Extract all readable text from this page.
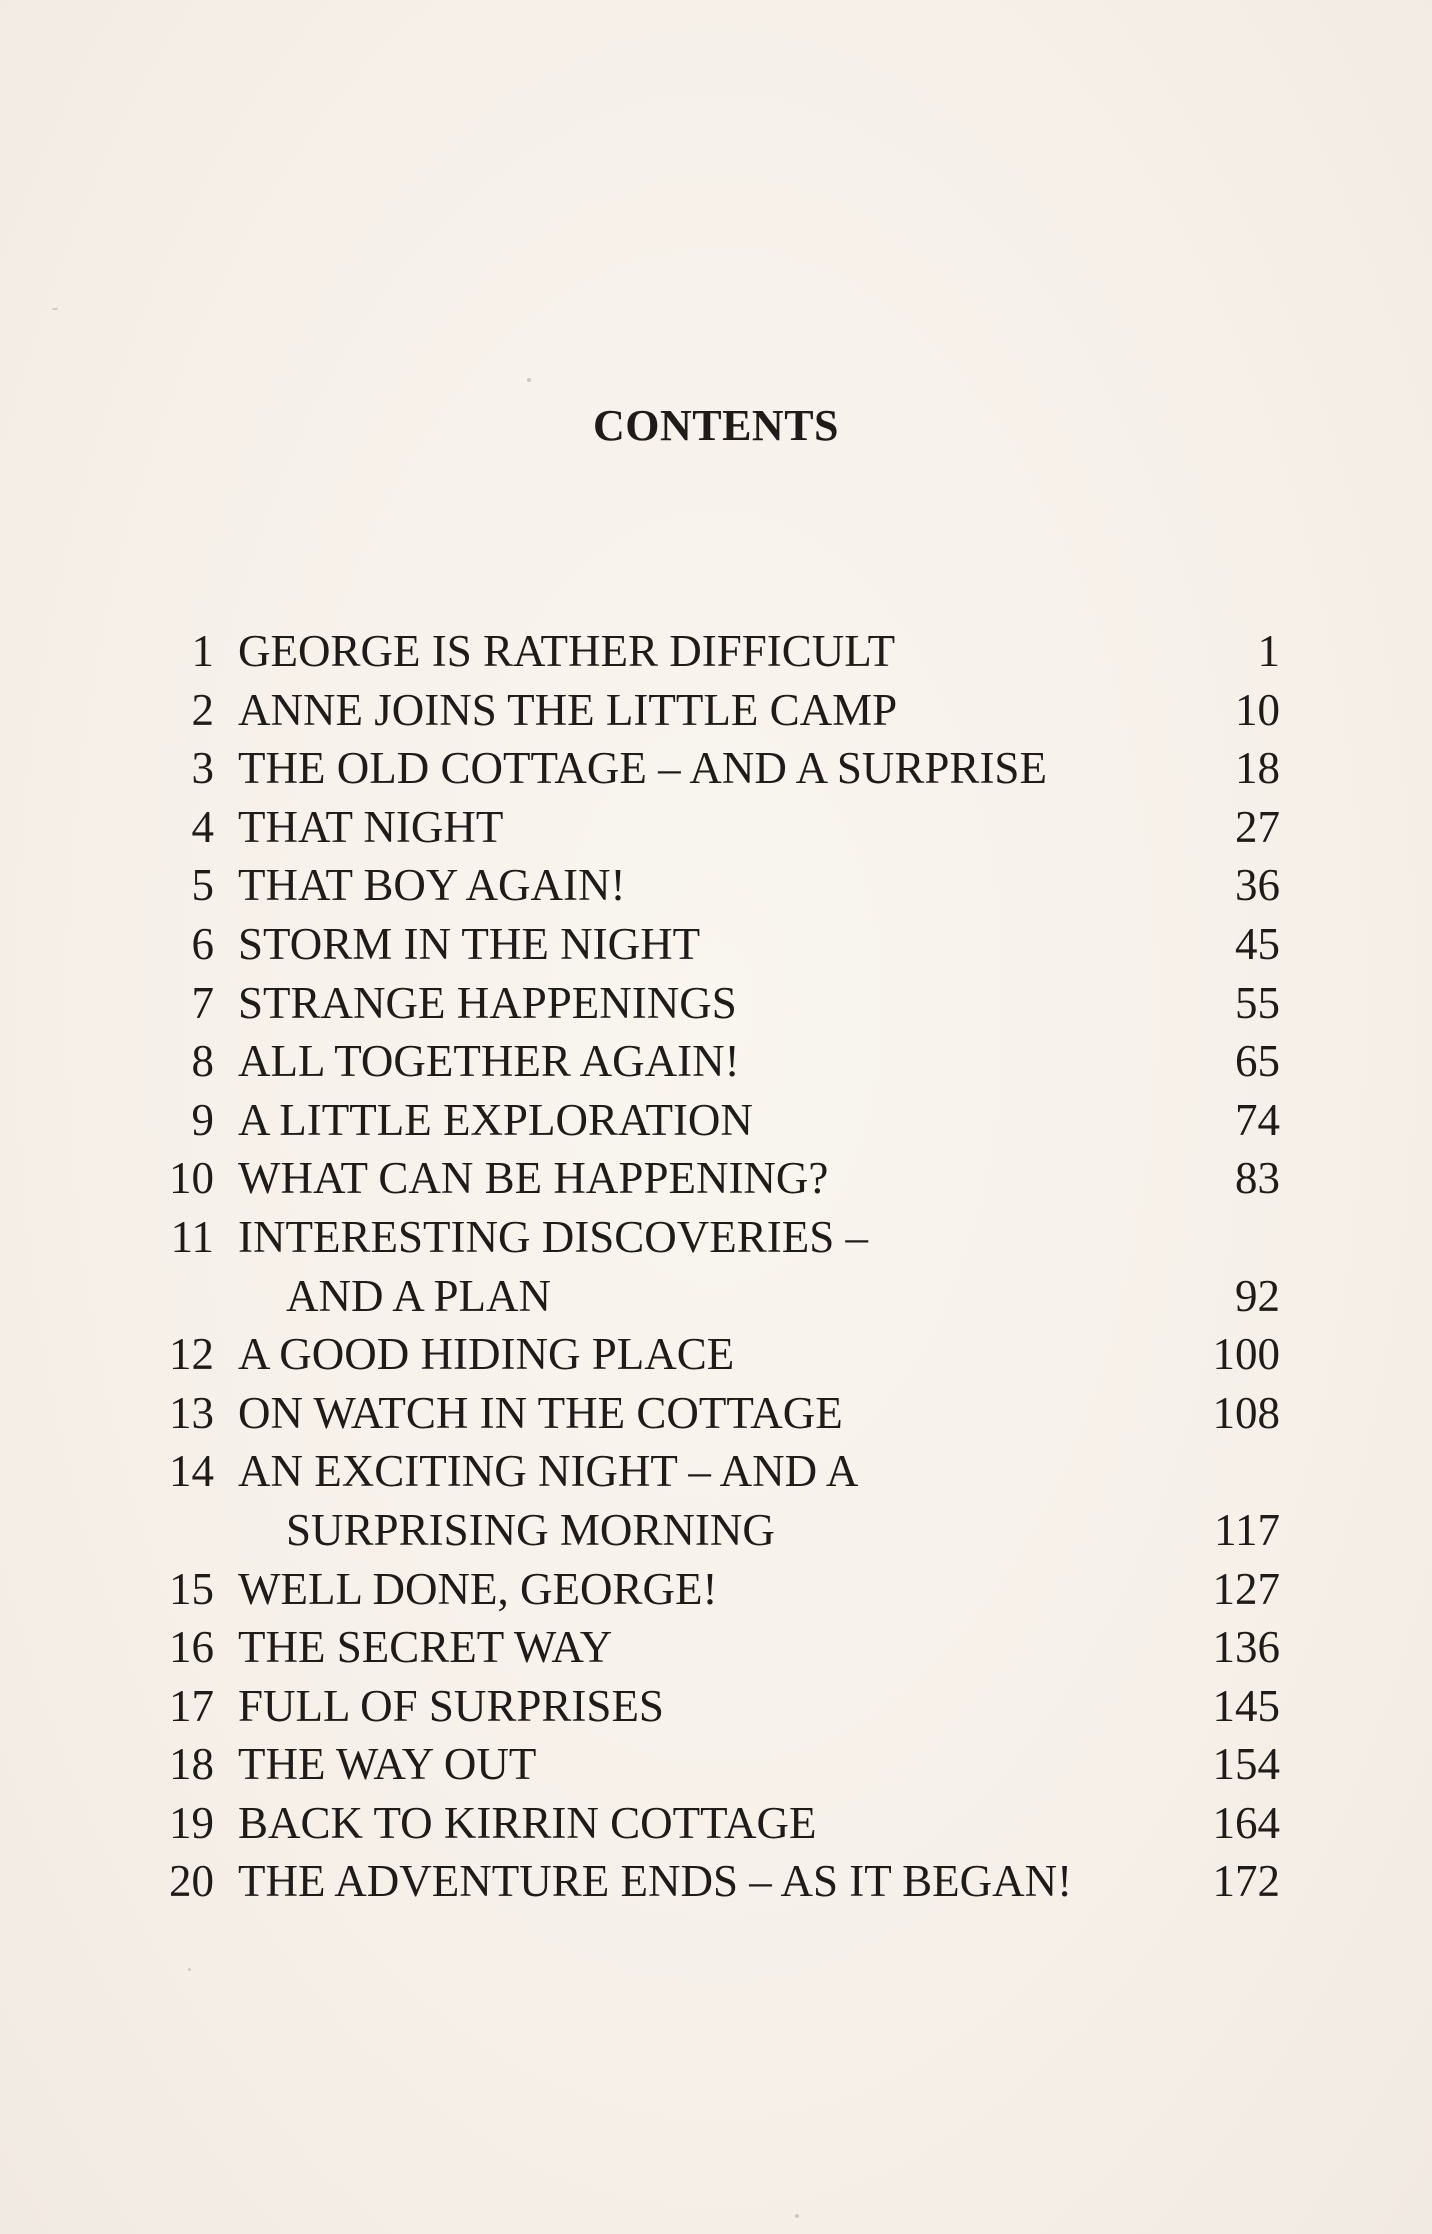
CONTENTS
1 GEORGE IS RATHER DIFFICULT	1
2 ANNE JOINS THE LITTLE CAMP	10
3 THE OLD COTTAGE – AND A SURPRISE	18
4 THAT NIGHT	27
5 THAT BOY AGAIN!	36
6 STORM IN THE NIGHT	45
7 STRANGE HAPPENINGS	55
8 ALL TOGETHER AGAIN!	65
9 A LITTLE EXPLORATION	74
10 WHAT CAN BE HAPPENING?	83
11 INTERESTING DISCOVERIES –
AND A PLAN	92
12 A GOOD HIDING PLACE	100
13 ON WATCH IN THE COTTAGE	108
14 AN EXCITING NIGHT – AND A
SURPRISING MORNING	117
15 WELL DONE, GEORGE!	127
16 THE SECRET WAY	136
17 FULL OF SURPRISES	145
18 THE WAY OUT	154
19 BACK TO KIRRIN COTTAGE	164
20 THE ADVENTURE ENDS – AS IT BEGAN!	172
